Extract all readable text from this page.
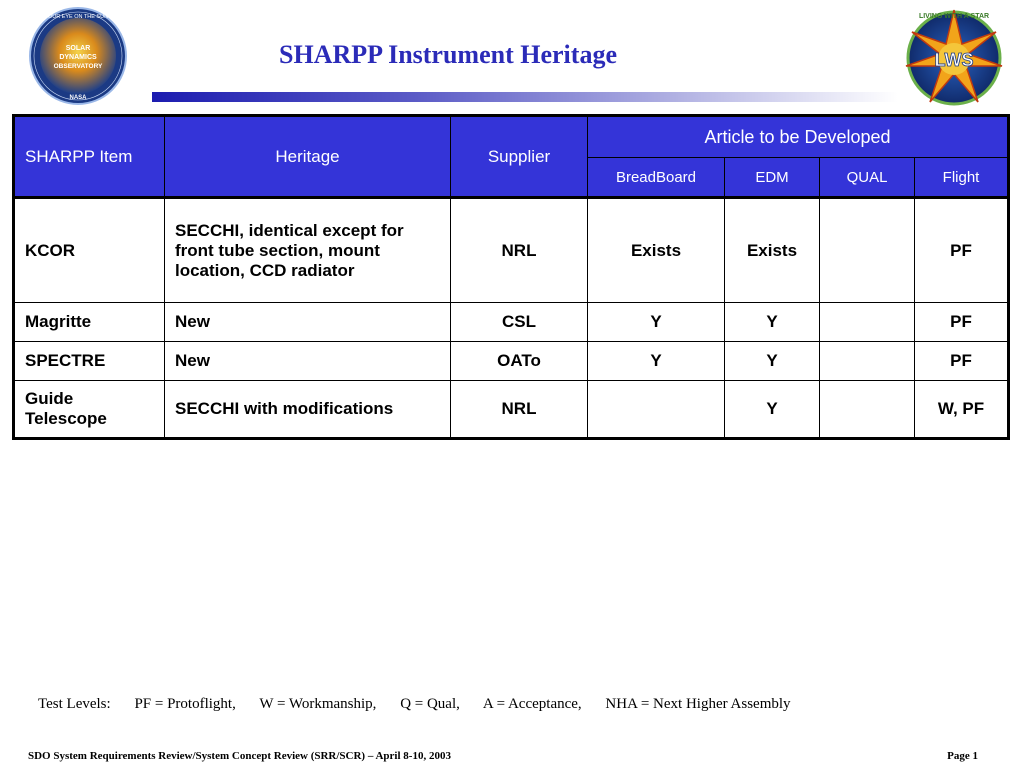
OUR EYE ON THE SUN
SOLAR
DYNAMICS
OBSERVATORY
NASA
LWS
LIVING WITH A STAR
SHARPP Instrument Heritage
SHARPP Item	Heritage	Supplier	Article to be Developed			
			BreadBoard	EDM	QUAL	Flight
KCOR	SECCHI, identical except for front tube section, mount location, CCD radiator	NRL	Exists	Exists		PF
Magritte	New	CSL	Y	Y		PF
SPECTRE	New	OATo	Y	Y		PF
Guide Telescope	SECCHI with modifications	NRL		Y		W, PF
Test Levels: PF = Protoflight, W = Workmanship, Q = Qual, A = Acceptance, NHA = Next Higher Assembly
SDO System Requirements Review/System Concept Review (SRR/SCR) – April 8-10, 2003	Page 1
